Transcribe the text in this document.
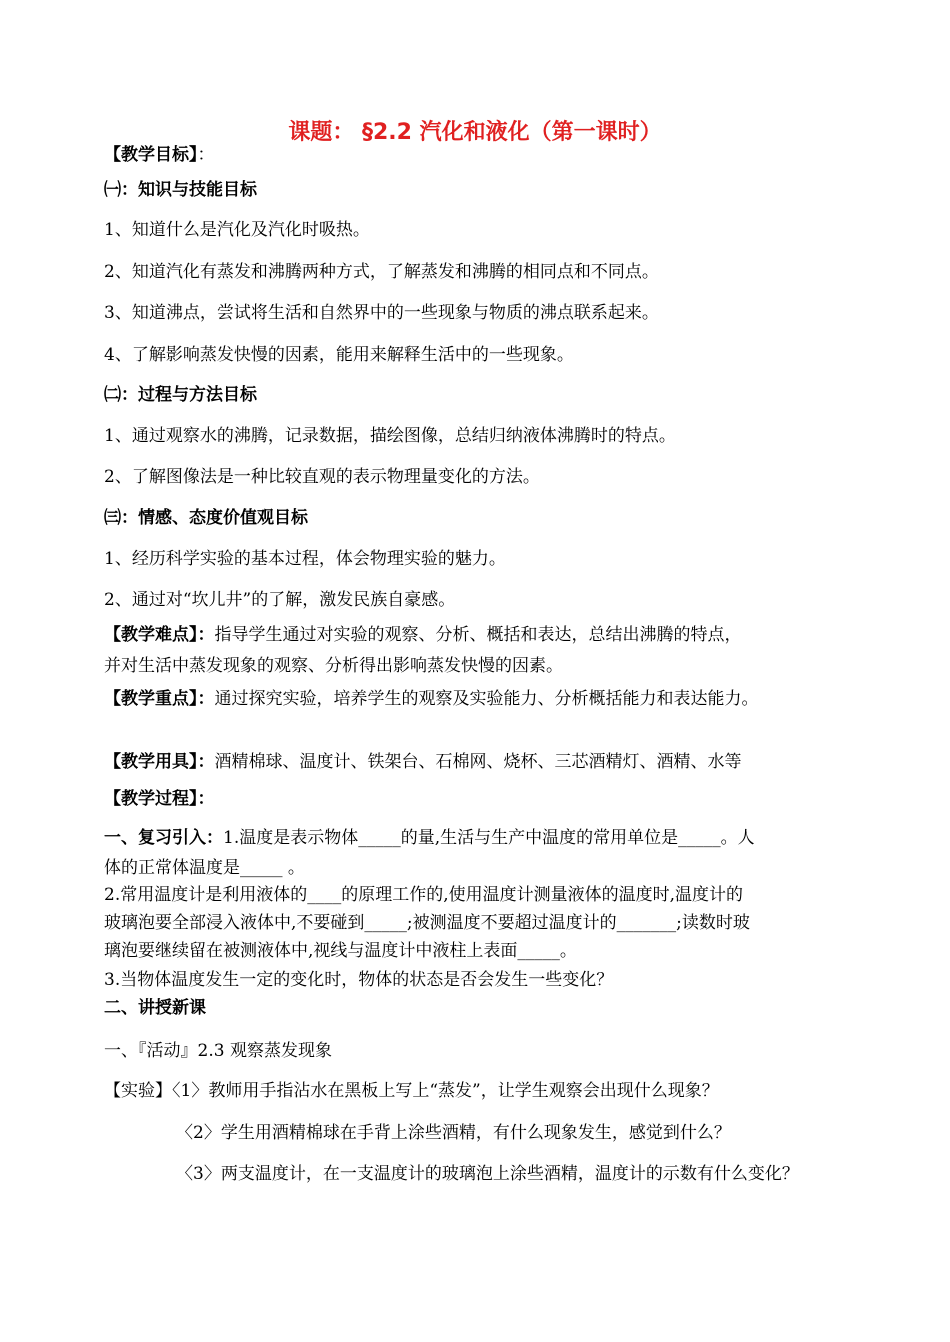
课题： §2.2 汽化和液化（第一课时）
【教学目标】：
㈠：知识与技能目标
1、知道什么是汽化及汽化时吸热。
2、知道汽化有蒸发和沸腾两种方式，了解蒸发和沸腾的相同点和不同点。
3、知道沸点，尝试将生活和自然界中的一些现象与物质的沸点联系起来。
4、了解影响蒸发快慢的因素，能用来解释生活中的一些现象。
㈡：过程与方法目标
1、通过观察水的沸腾，记录数据，描绘图像，总结归纳液体沸腾时的特点。
2、了解图像法是一种比较直观的表示物理量变化的方法。
㈢：情感、态度价值观目标
1、经历科学实验的基本过程，体会物理实验的魅力。
2、通过对“坎儿井”的了解，激发民族自豪感。
【教学难点】：指导学生通过对实验的观察、分析、概括和表达，总结出沸腾的特点，
并对生活中蒸发现象的观察、分析得出影响蒸发快慢的因素。
【教学重点】：通过探究实验，培养学生的观察及实验能力、分析概括能力和表达能力。
【教学用具】：酒精棉球、温度计、铁架台、石棉网、烧杯、三芯酒精灯、酒精、水等
【教学过程】：
一、复习引入：1.温度是表示物体_____的量,生活与生产中温度的常用单位是_____。人
体的正常体温度是_____ 。
2.常用温度计是利用液体的____的原理工作的,使用温度计测量液体的温度时,温度计的
玻璃泡要全部浸入液体中,不要碰到_____;被测温度不要超过温度计的_______;读数时玻
璃泡要继续留在被测液体中,视线与温度计中液柱上表面_____。
3.当物体温度发生一定的变化时，物体的状态是否会发生一些变化？
二、讲授新课
一、『活动』2.3 观察蒸发现象
【实验】〈1〉教师用手指沾水在黑板上写上“蒸发”，让学生观察会出现什么现象？
〈2〉学生用酒精棉球在手背上涂些酒精，有什么现象发生，感觉到什么？
〈3〉两支温度计，在一支温度计的玻璃泡上涂些酒精，温度计的示数有什么变化？
